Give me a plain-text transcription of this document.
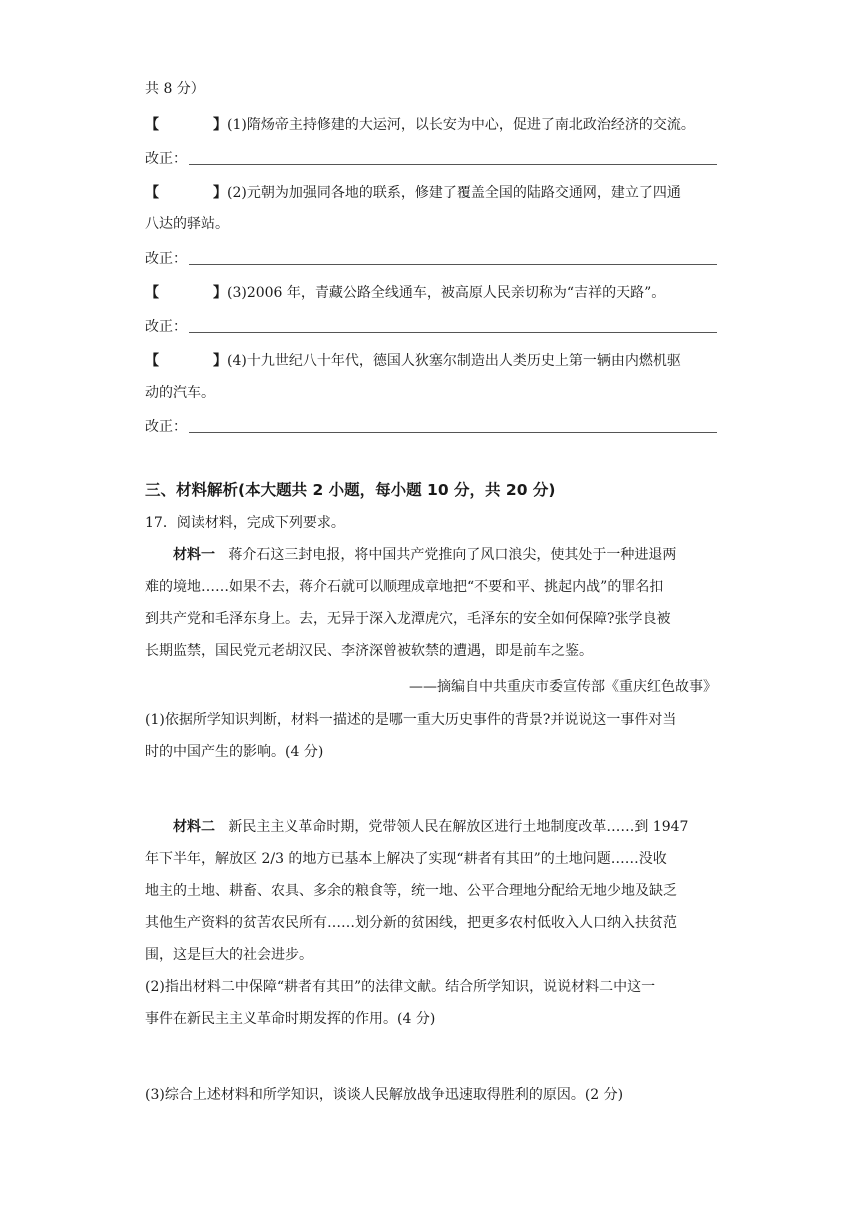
共 8 分）
【	】 (1)隋炀帝主持修建的大运河，以长安为中心，促进了南北政治经济的交流。
改正：
【	】 (2)元朝为加强同各地的联系，修建了覆盖全国的陆路交通网，建立了四通
八达的驿站。
改正：
【	】 (3)2006 年，青藏公路全线通车，被高原人民亲切称为“吉祥的天路”。
改正：
【	】 (4)十九世纪八十年代，德国人狄塞尔制造出人类历史上第一辆由内燃机驱
动的汽车。
改正：
三、材料解析(本大题共 2 小题，每小题 10 分，共 20 分)
17．阅读材料，完成下列要求。
材料一 蒋介石这三封电报，将中国共产党推向了风口浪尖，使其处于一种进退两
难的境地……如果不去，蒋介石就可以顺理成章地把“不要和平、挑起内战”的罪名扣
到共产党和毛泽东身上。去，无异于深入龙潭虎穴，毛泽东的安全如何保障?张学良被
长期监禁，国民党元老胡汉民、李济深曾被软禁的遭遇，即是前车之鉴。
——摘编自中共重庆市委宣传部《重庆红色故事》
(1)依据所学知识判断，材料一描述的是哪一重大历史事件的背景?并说说这一事件对当
时的中国产生的影响。(4 分)
材料二 新民主主义革命时期，党带领人民在解放区进行土地制度改革……到 1947
年下半年，解放区 2/3 的地方已基本上解决了实现“耕者有其田”的土地问题……没收
地主的土地、耕畜、农具、多余的粮食等，统一地、公平合理地分配给无地少地及缺乏
其他生产资料的贫苦农民所有……划分新的贫困线，把更多农村低收入人口纳入扶贫范
围，这是巨大的社会进步。
(2)指出材料二中保障“耕者有其田”的法律文献。结合所学知识，说说材料二中这一
事件在新民主主义革命时期发挥的作用。(4 分)
(3)综合上述材料和所学知识，谈谈人民解放战争迅速取得胜利的原因。(2 分)
